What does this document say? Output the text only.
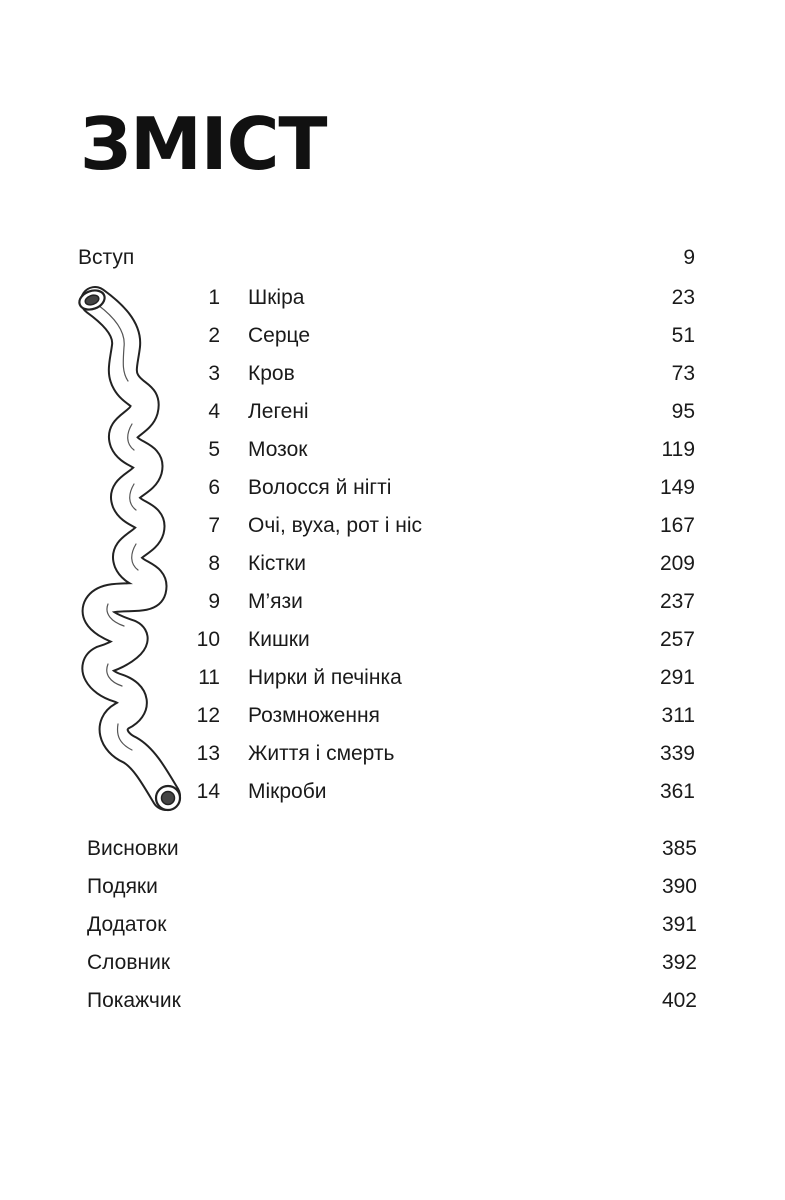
ЗМІСТ
Вступ	9
1 Шкіра	23
2 Серце	51
3 Кров	73
4 Легені	95
5 Мозок	119
6 Волосся й нігті	149
7 Очі, вуха, рот і ніс	167
8 Кістки	209
9 М’язи	237
10 Кишки	257
11 Нирки й печінка	291
12 Розмноження	311
13 Життя і смерть	339
14 Мікроби	361
Висновки	385
Подяки	390
Додаток	391
Словник	392
Покажчик	402
